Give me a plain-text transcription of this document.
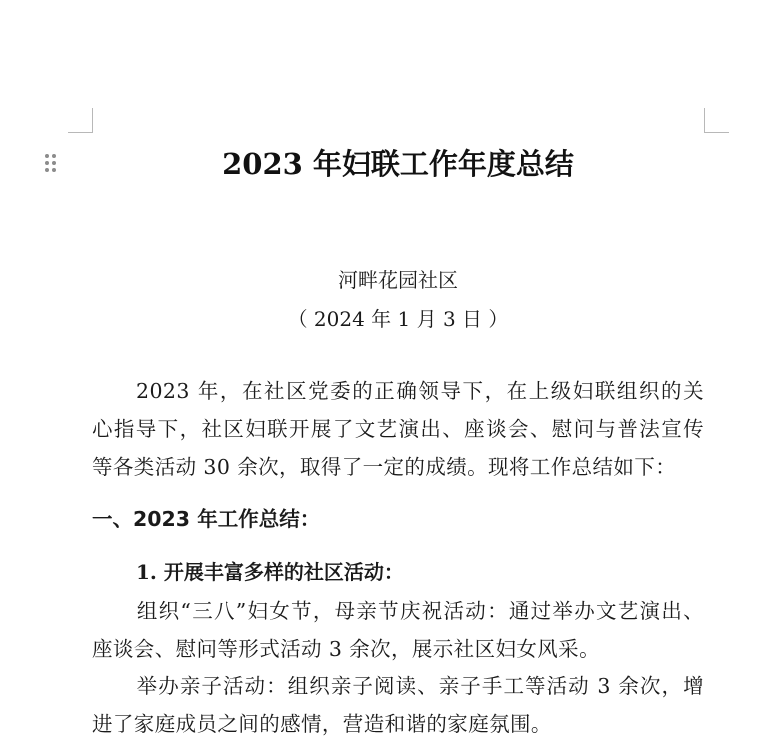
2023 年妇联工作年度总结
河畔花园社区
（ 2024 年 1 月 3 日 ）
2023 年，在社区党委的正确领导下，在上级妇联组织的关
心指导下，社区妇联开展了文艺演出、座谈会、慰问与普法宣传
等各类活动 30 余次，取得了一定的成绩。现将工作总结如下：
一、2023 年工作总结：
1. 开展丰富多样的社区活动：
组织“三八”妇女节，母亲节庆祝活动：通过举办文艺演出、
座谈会、慰问等形式活动 3 余次，展示社区妇女风采。
举办亲子活动：组织亲子阅读、亲子手工等活动 3 余次，增
进了家庭成员之间的感情，营造和谐的家庭氛围。
